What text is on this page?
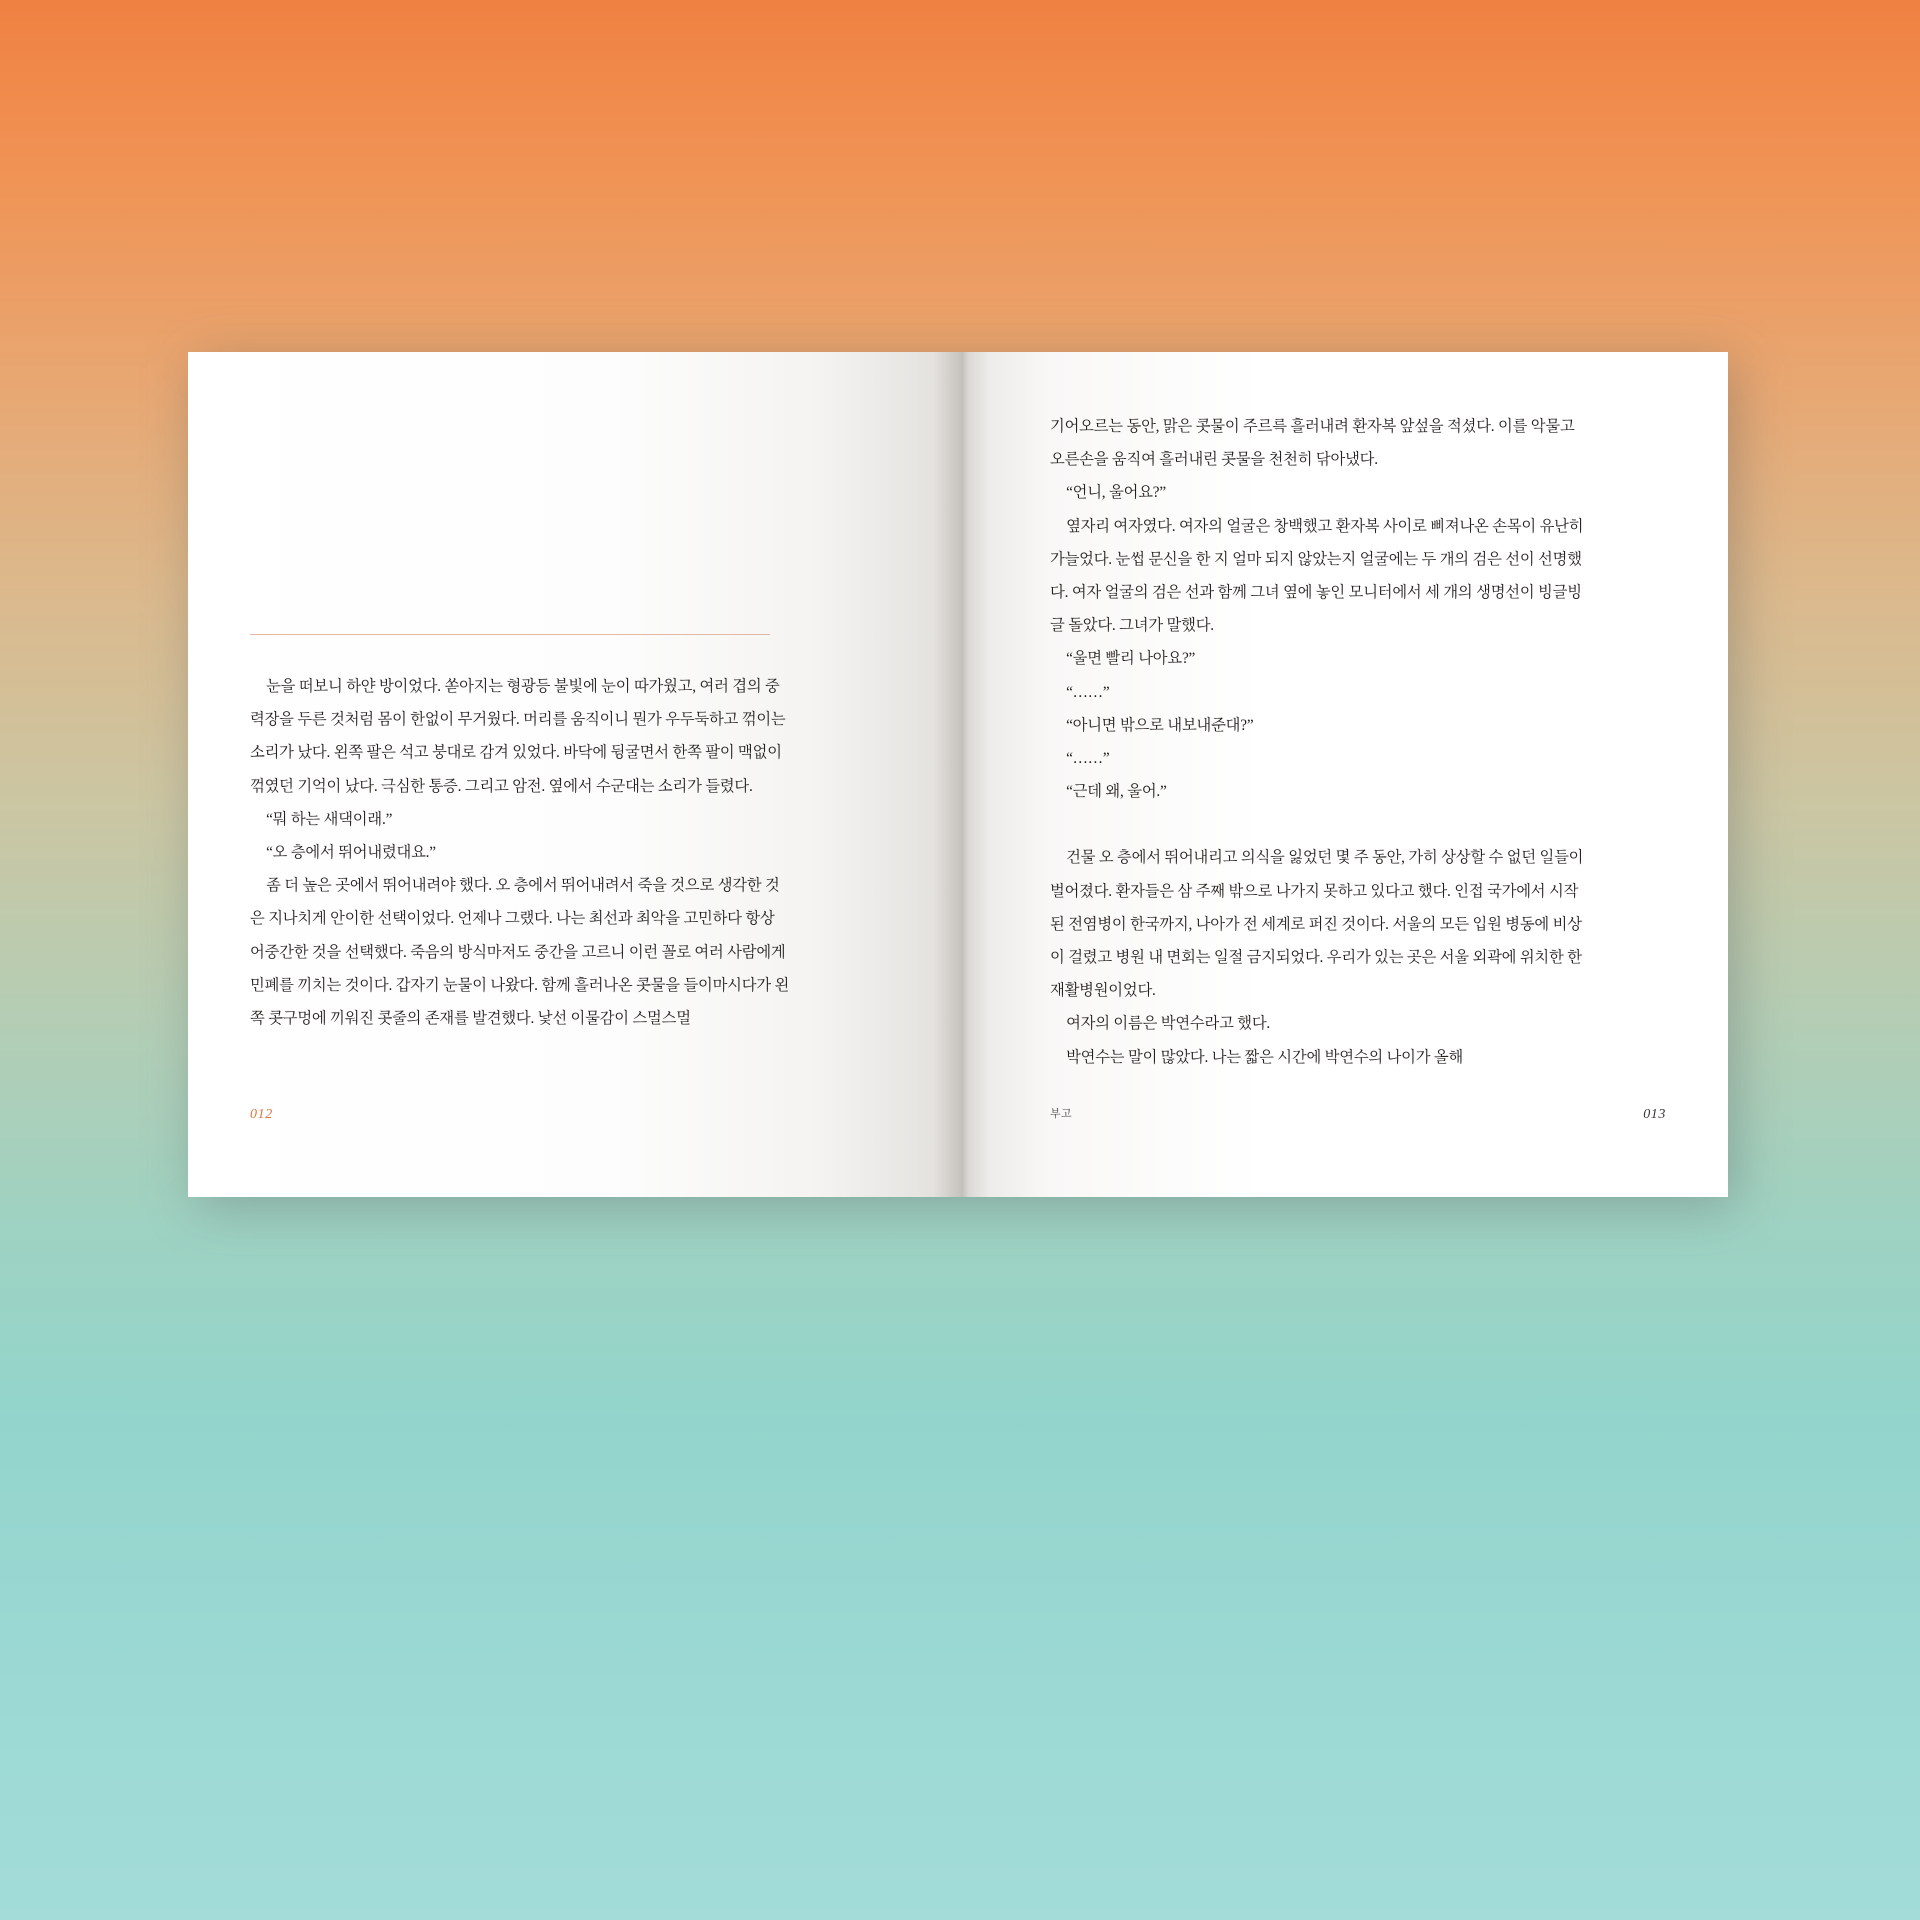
눈을 떠보니 하얀 방이었다. 쏟아지는 형광등 불빛에 눈이 따가웠고, 여러 겹의 중력장을 두른 것처럼 몸이 한없이 무거웠다. 머리를 움직이니 뭔가 우두둑하고 꺾이는 소리가 났다. 왼쪽 팔은 석고 붕대로 감겨 있었다. 바닥에 뒹굴면서 한쪽 팔이 맥없이 꺾였던 기억이 났다. 극심한 통증. 그리고 암전. 옆에서 수군대는 소리가 들렸다.

“뭐 하는 새댁이래.”

“오 층에서 뛰어내렸대요.”

좀 더 높은 곳에서 뛰어내려야 했다. 오 층에서 뛰어내려서 죽을 것으로 생각한 것은 지나치게 안이한 선택이었다. 언제나 그랬다. 나는 최선과 최악을 고민하다 항상 어중간한 것을 선택했다. 죽음의 방식마저도 중간을 고르니 이런 꼴로 여러 사람에게 민폐를 끼치는 것이다. 갑자기 눈물이 나왔다. 함께 흘러나온 콧물을 들이마시다가 왼쪽 콧구멍에 끼워진 콧줄의 존재를 발견했다. 낯선 이물감이 스멀스멀

012

기어오르는 동안, 맑은 콧물이 주르륵 흘러내려 환자복 앞섶을 적셨다. 이를 악물고 오른손을 움직여 흘러내린 콧물을 천천히 닦아냈다.

“언니, 울어요?”

옆자리 여자였다. 여자의 얼굴은 창백했고 환자복 사이로 삐져나온 손목이 유난히 가늘었다. 눈썹 문신을 한 지 얼마 되지 않았는지 얼굴에는 두 개의 검은 선이 선명했다. 여자 얼굴의 검은 선과 함께 그녀 옆에 놓인 모니터에서 세 개의 생명선이 빙글빙글 돌았다. 그녀가 말했다.

“울면 빨리 나아요?”

“……”

“아니면 밖으로 내보내준대?”

“……”

“근데 왜, 울어.”

건물 오 층에서 뛰어내리고 의식을 잃었던 몇 주 동안, 가히 상상할 수 없던 일들이 벌어졌다. 환자들은 삼 주째 밖으로 나가지 못하고 있다고 했다. 인접 국가에서 시작된 전염병이 한국까지, 나아가 전 세계로 퍼진 것이다. 서울의 모든 입원 병동에 비상이 걸렸고 병원 내 면회는 일절 금지되었다. 우리가 있는 곳은 서울 외곽에 위치한 한 재활병원이었다.

여자의 이름은 박연수라고 했다.

박연수는 말이 많았다. 나는 짧은 시간에 박연수의 나이가 올해

부고	013
